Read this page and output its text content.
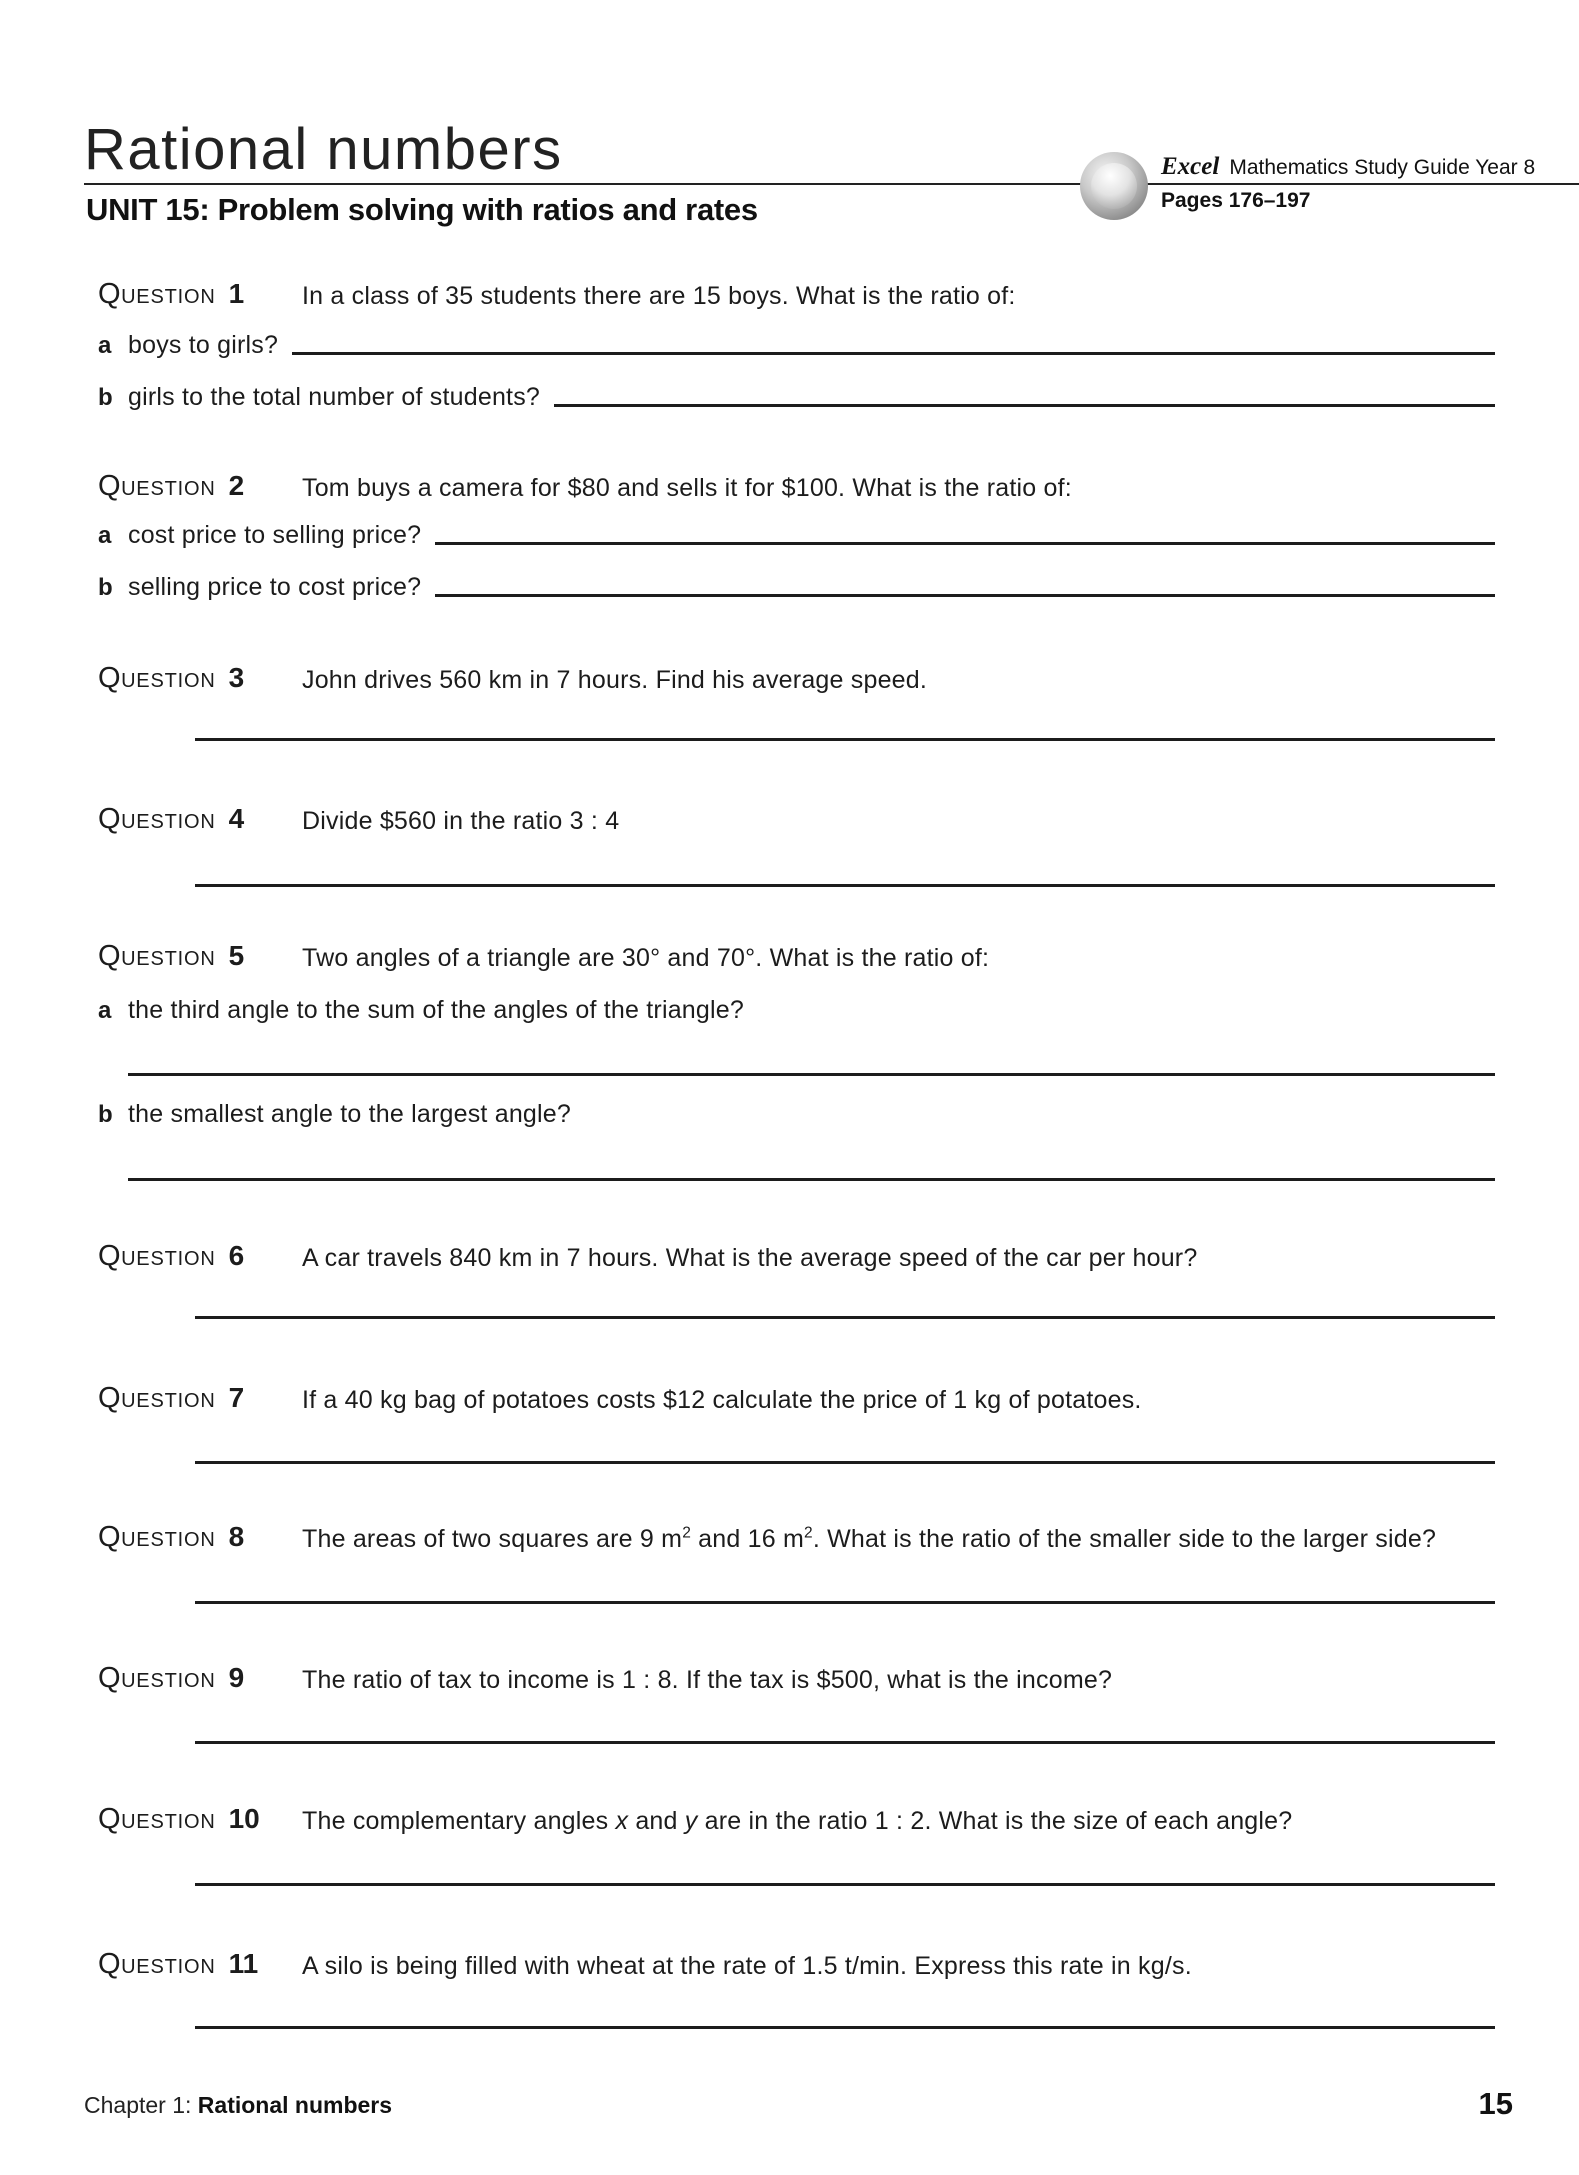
Rational numbers
UNIT 15: Problem solving with ratios and rates
Excel Mathematics Study Guide Year 8
Pages 176–197
QUESTION 1	In a class of 35 students there are 15 boys. What is the ratio of:
a boys to girls?
b girls to the total number of students?
QUESTION 2	Tom buys a camera for $80 and sells it for $100. What is the ratio of:
a cost price to selling price?
b selling price to cost price?
QUESTION 3	John drives 560 km in 7 hours. Find his average speed.
QUESTION 4	Divide $560 in the ratio 3 : 4
QUESTION 5	Two angles of a triangle are 30° and 70°. What is the ratio of:
a the third angle to the sum of the angles of the triangle?
b the smallest angle to the largest angle?
QUESTION 6	A car travels 840 km in 7 hours. What is the average speed of the car per hour?
QUESTION 7	If a 40 kg bag of potatoes costs $12 calculate the price of 1 kg of potatoes.
QUESTION 8	The areas of two squares are 9 $m^2$ and 16 $m^2$. What is the ratio of the smaller side to the larger side?
QUESTION 9	The ratio of tax to income is 1 : 8. If the tax is $500, what is the income?
QUESTION 10	The complementary angles x and y are in the ratio 1 : 2. What is the size of each angle?
QUESTION 11	A silo is being filled with wheat at the rate of 1.5 t/min. Express this rate in kg/s.
Chapter 1: Rational numbers	15
